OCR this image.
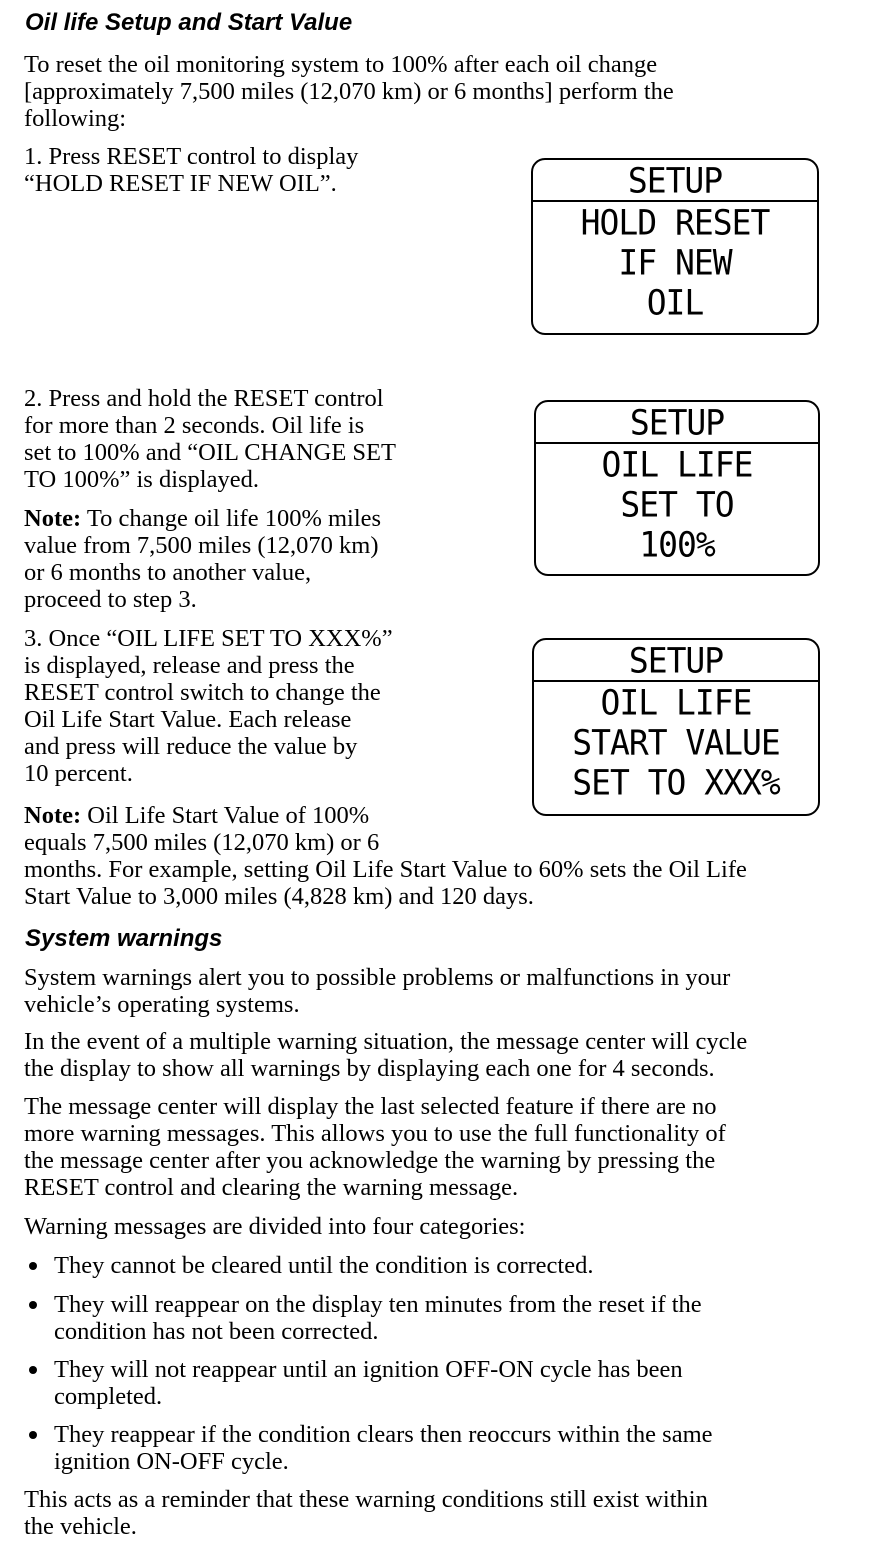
Oil life Setup and Start Value
To reset the oil monitoring system to 100% after each oil change
[approximately 7,500 miles (12,070 km) or 6 months] perform the
following:
1. Press RESET control to display
“HOLD RESET IF NEW OIL”.	SETUP
HOLD RESET
IF NEW
OIL
2. Press and hold the RESET control
for more than 2 seconds. Oil life is
set to 100% and “OIL CHANGE SET
TO 100%” is displayed.
SETUP
OIL LIFE
SET TO
100%
Note: To change oil life 100% miles
value from 7,500 miles (12,070 km)
or 6 months to another value,
proceed to step 3.
3. Once “OIL LIFE SET TO XXX%”
is displayed, release and press the
RESET control switch to change the
Oil Life Start Value. Each release
and press will reduce the value by
10 percent.
SETUP
OIL LIFE
START VALUE
SET TO XXX%
Note: Oil Life Start Value of 100%
equals 7,500 miles (12,070 km) or 6
months. For example, setting Oil Life Start Value to 60% sets the Oil Life
Start Value to 3,000 miles (4,828 km) and 120 days.
System warnings
System warnings alert you to possible problems or malfunctions in your
vehicle’s operating systems.
In the event of a multiple warning situation, the message center will cycle
the display to show all warnings by displaying each one for 4 seconds.
The message center will display the last selected feature if there are no
more warning messages. This allows you to use the full functionality of
the message center after you acknowledge the warning by pressing the
RESET control and clearing the warning message.
Warning messages are divided into four categories:
They cannot be cleared until the condition is corrected.
They will reappear on the display ten minutes from the reset if the
condition has not been corrected.
They will not reappear until an ignition OFF-ON cycle has been
completed.
They reappear if the condition clears then reoccurs within the same
ignition ON-OFF cycle.
This acts as a reminder that these warning conditions still exist within
the vehicle.
